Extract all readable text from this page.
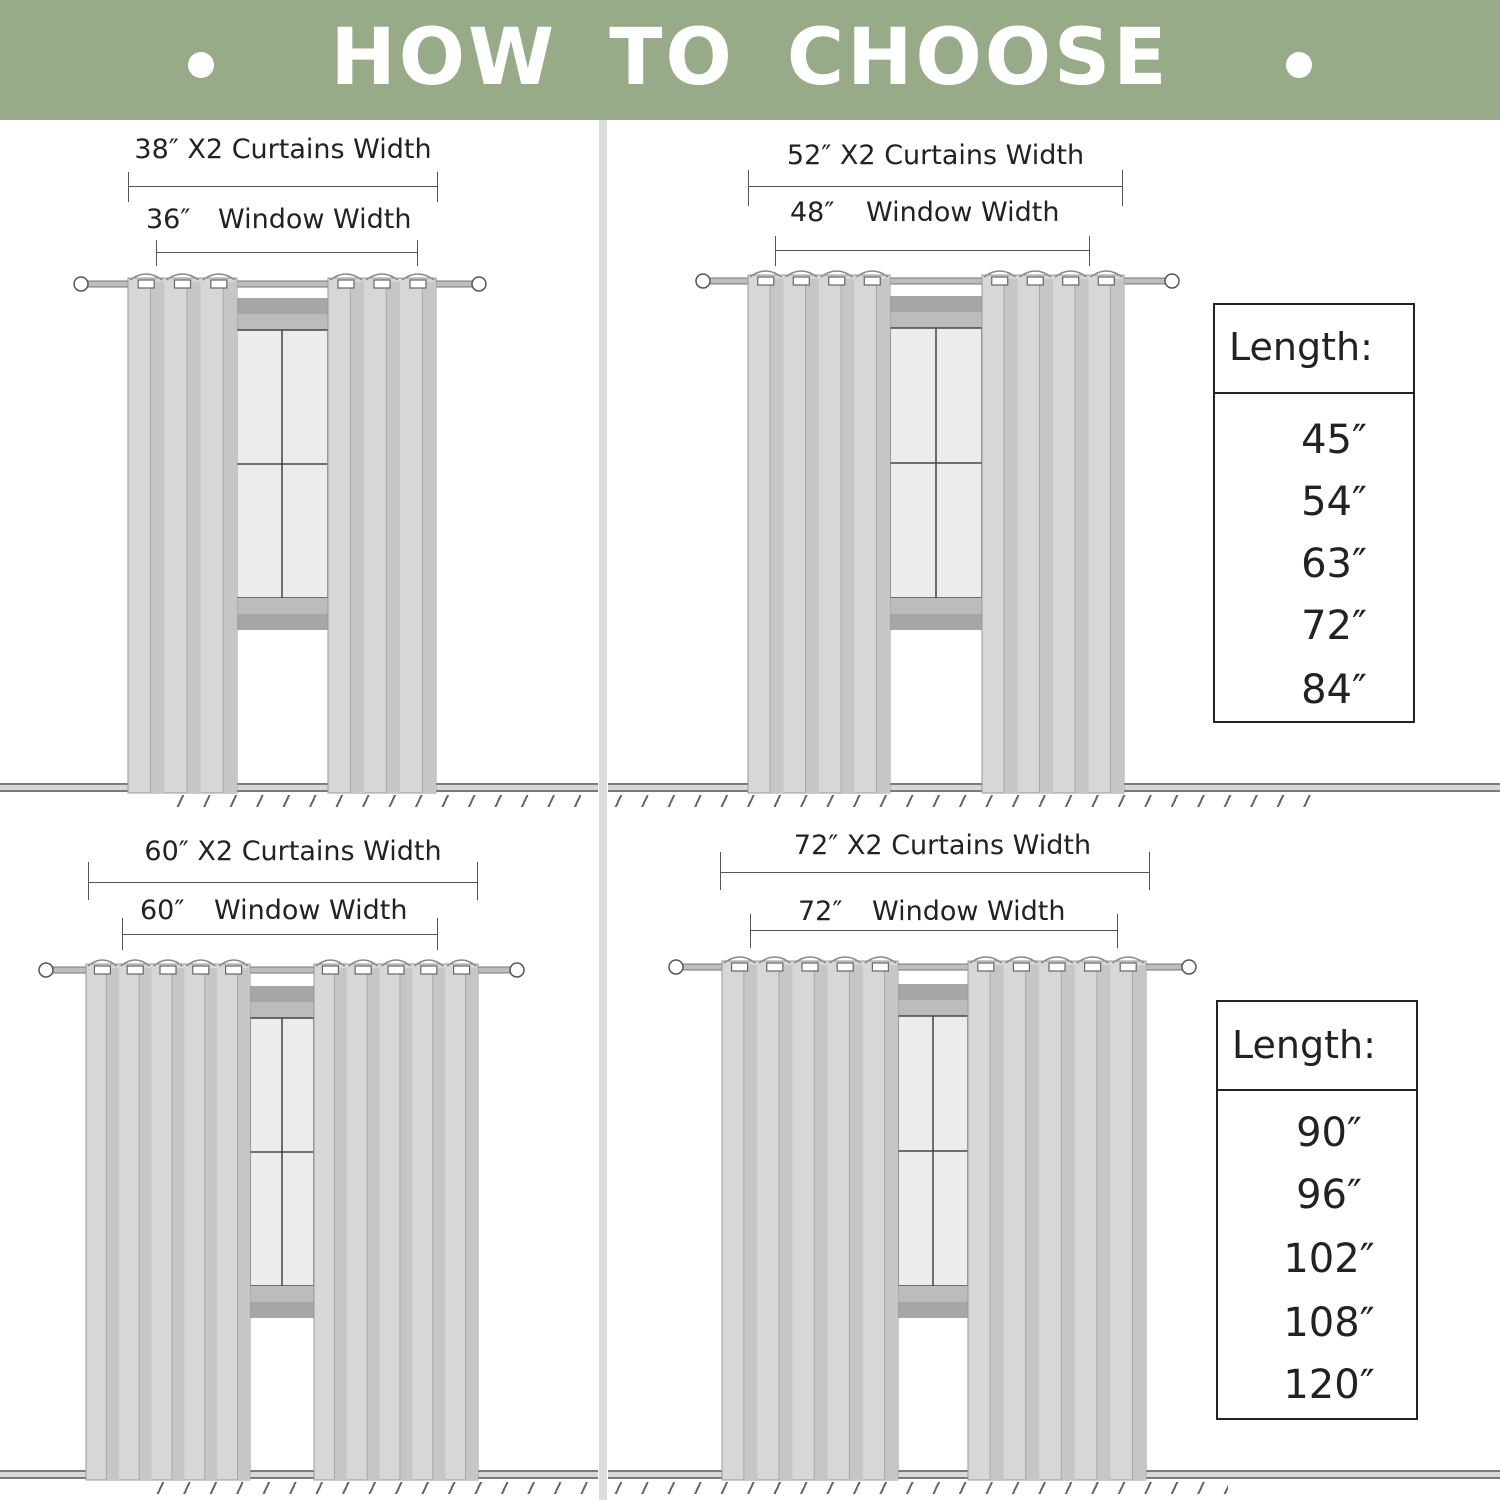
HOW TO CHOOSE
38″ X2 Curtains Width
36″ Window Width
52″ X2 Curtains Width
48″ Window Width
60″ X2 Curtains Width
60″ Window Width
72″ X2 Curtains Width
72″ Window Width
Length:
45″
54″
63″
72″
84″
Length:
90″
96″
102″
108″
120″
